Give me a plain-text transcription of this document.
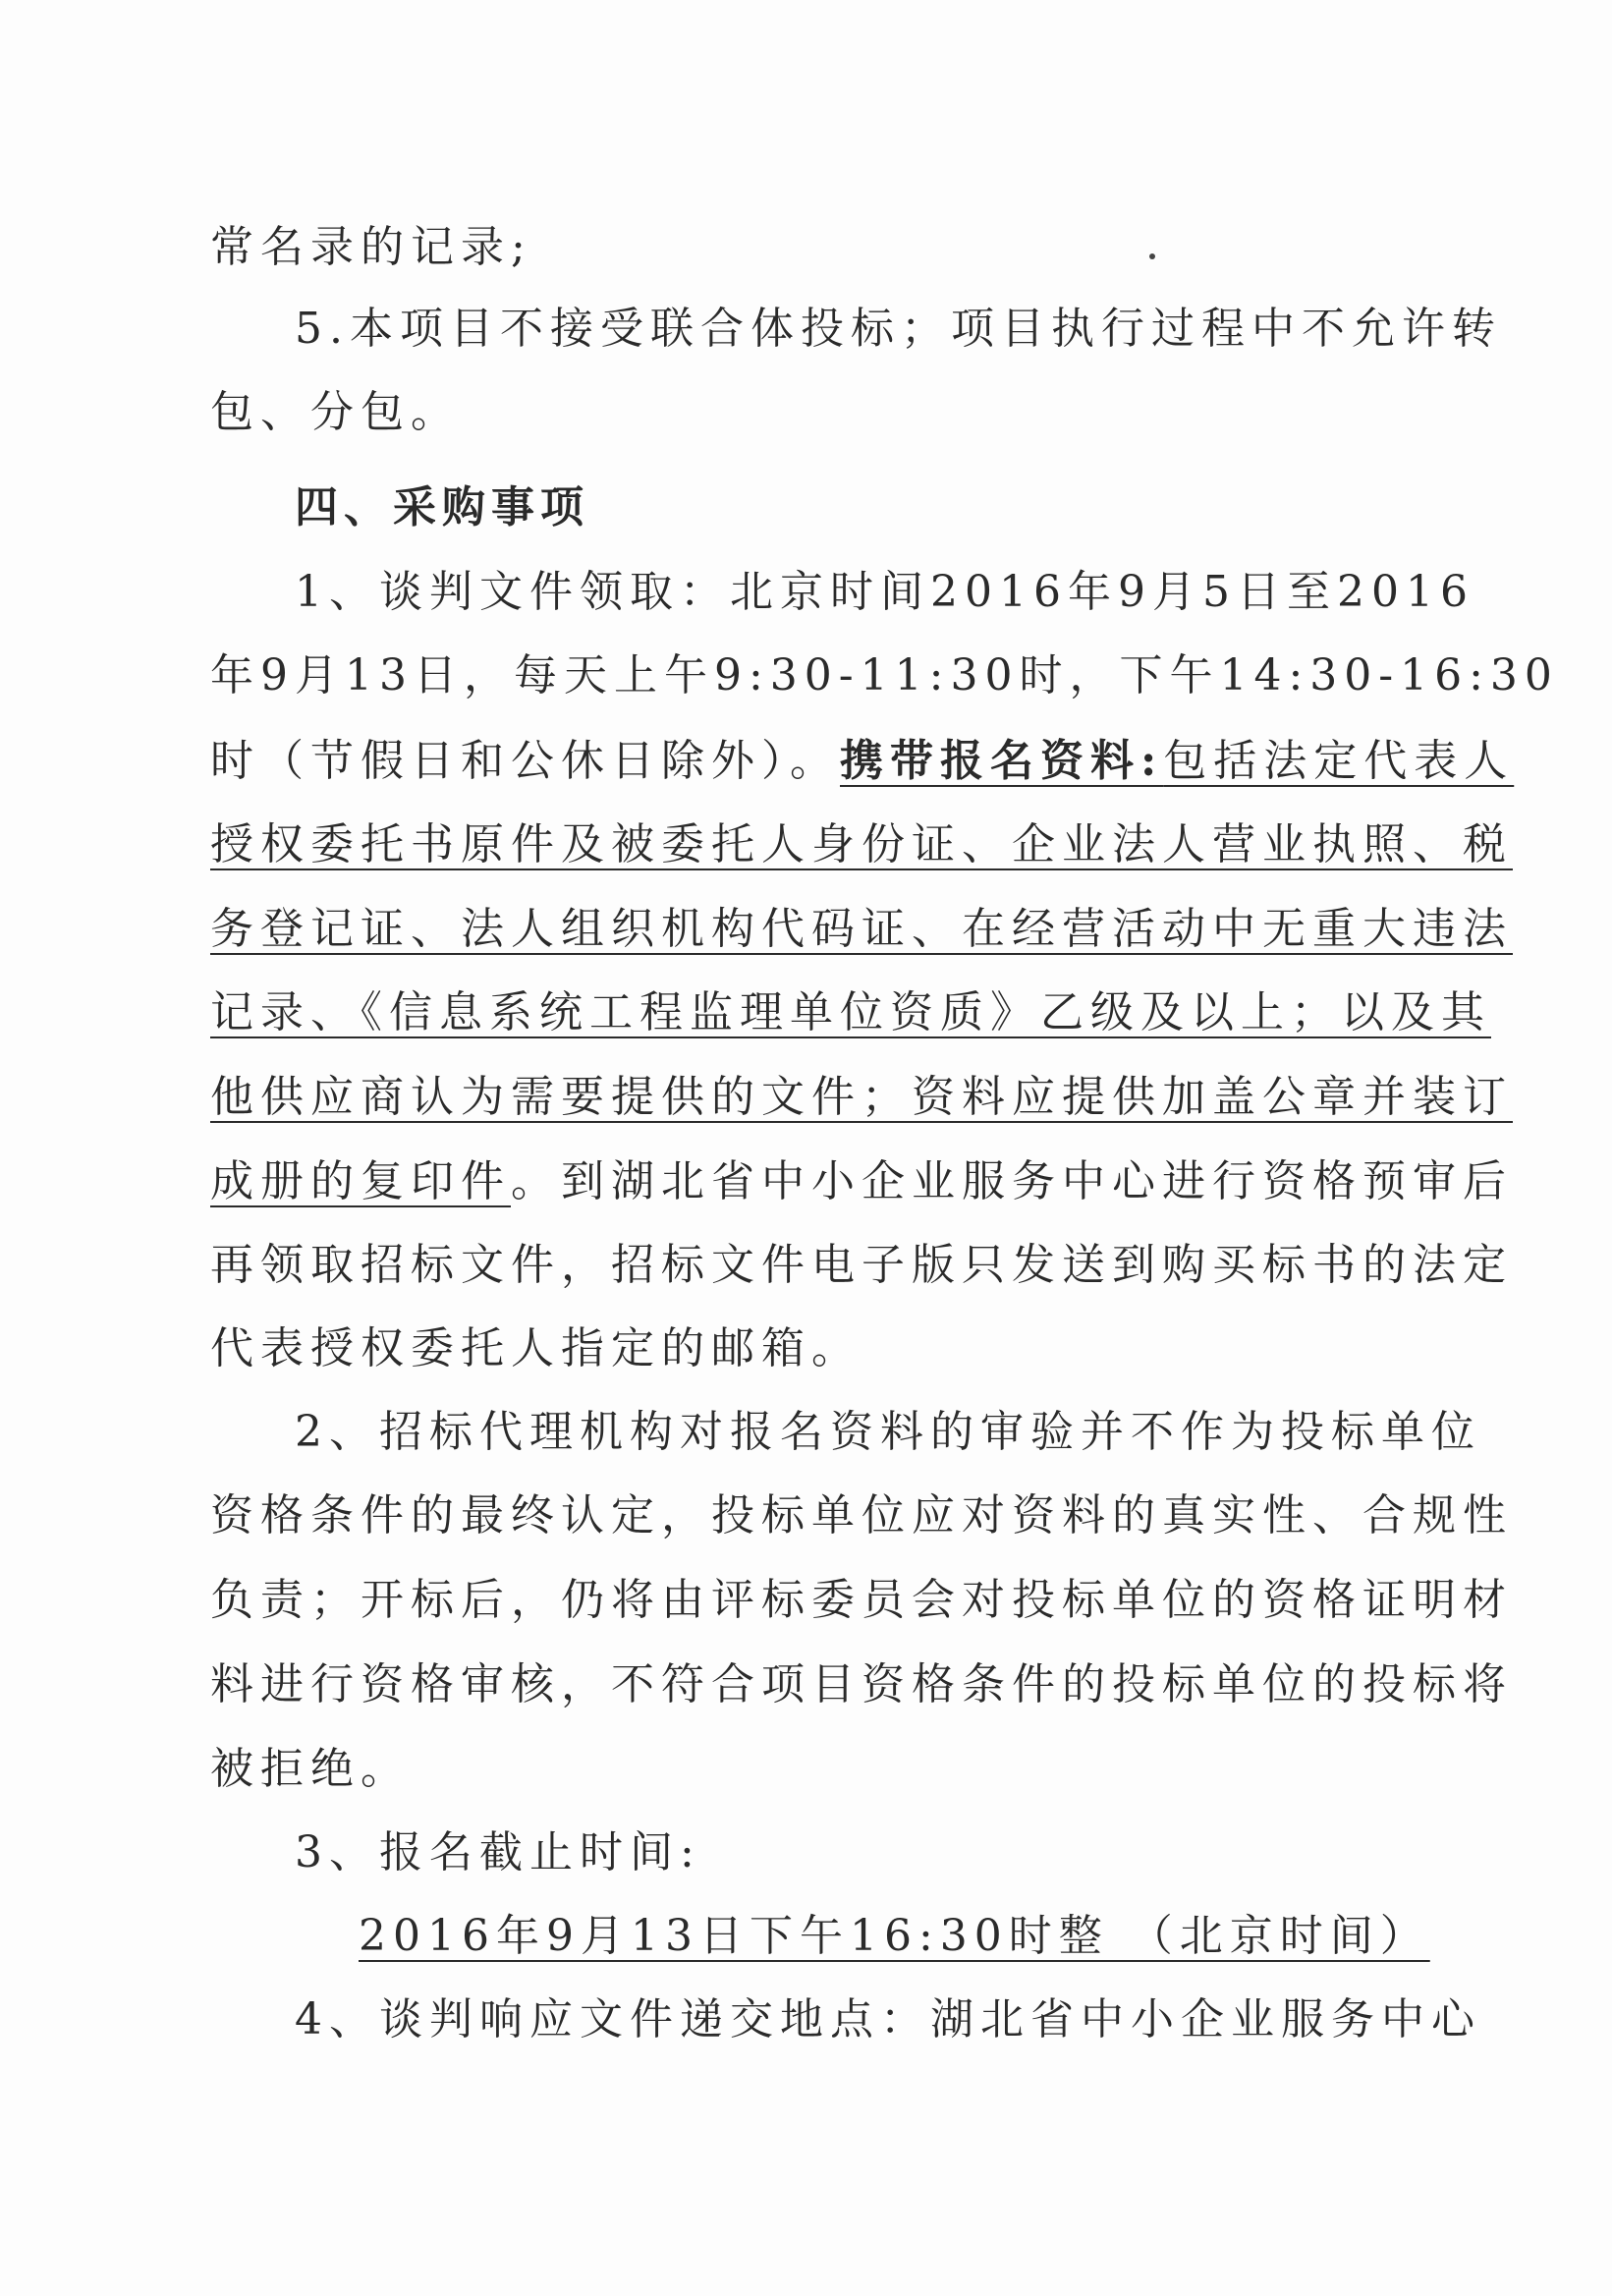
常名录的记录;
5.本项目不接受联合体投标；项目执行过程中不允许转
包、分包。
四、采购事项
1、谈判文件领取：北京时间2016年9月5日至2016
年9月13日，每天上午9:30-11:30时，下午14:30-16:30
时（节假日和公休日除外）。携带报名资料:包括法定代表人
授权委托书原件及被委托人身份证、企业法人营业执照、税
务登记证、法人组织机构代码证、在经营活动中无重大违法
记录、《信息系统工程监理单位资质》乙级及以上；以及其
他供应商认为需要提供的文件；资料应提供加盖公章并装订
成册的复印件。到湖北省中小企业服务中心进行资格预审后
再领取招标文件，招标文件电子版只发送到购买标书的法定
代表授权委托人指定的邮箱。
2、招标代理机构对报名资料的审验并不作为投标单位
资格条件的最终认定，投标单位应对资料的真实性、合规性
负责；开标后，仍将由评标委员会对投标单位的资格证明材
料进行资格审核，不符合项目资格条件的投标单位的投标将
被拒绝。
3、报名截止时间:
2016年9月13日下午16:30时整 （北京时间）
4、谈判响应文件递交地点：湖北省中小企业服务中心
